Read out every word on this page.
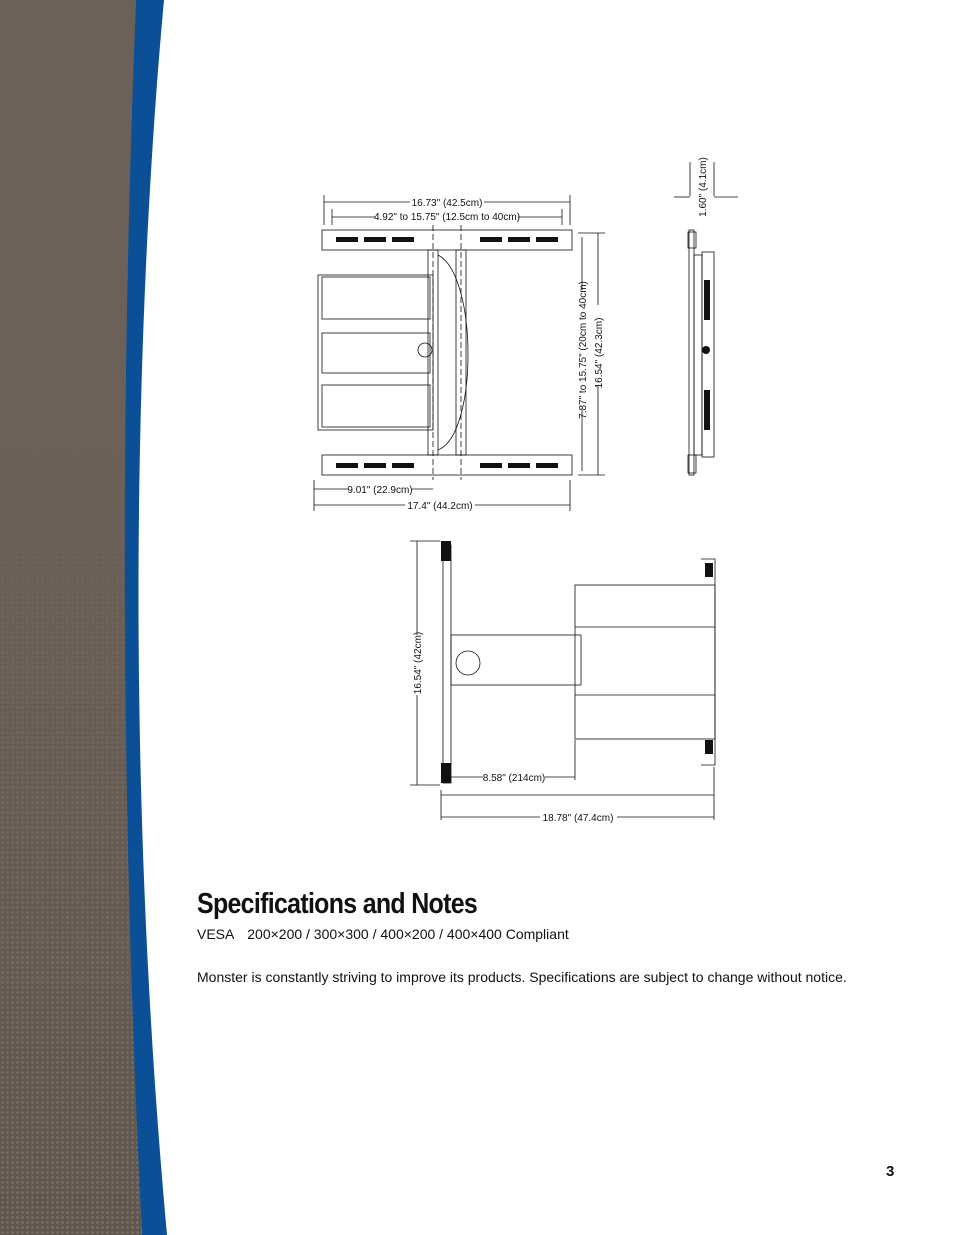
16.73" (42.5cm)
4.92" to 15.75" (12.5cm to 40cm)
7.87" to 15.75" (20cm to 40cm) 16.54" (42.3cm)
9.01" (22.9cm)
17.4" (44.2cm)
1.60" (4.1cm)
16.54" (42cm)
8.58" (214cm)
18.78" (47.4cm)
Specifications and Notes
VESA 200×200 / 300×300 / 400×200 / 400×400 Compliant
Monster is constantly striving to improve its products. Specifications are subject to change without notice.
3
